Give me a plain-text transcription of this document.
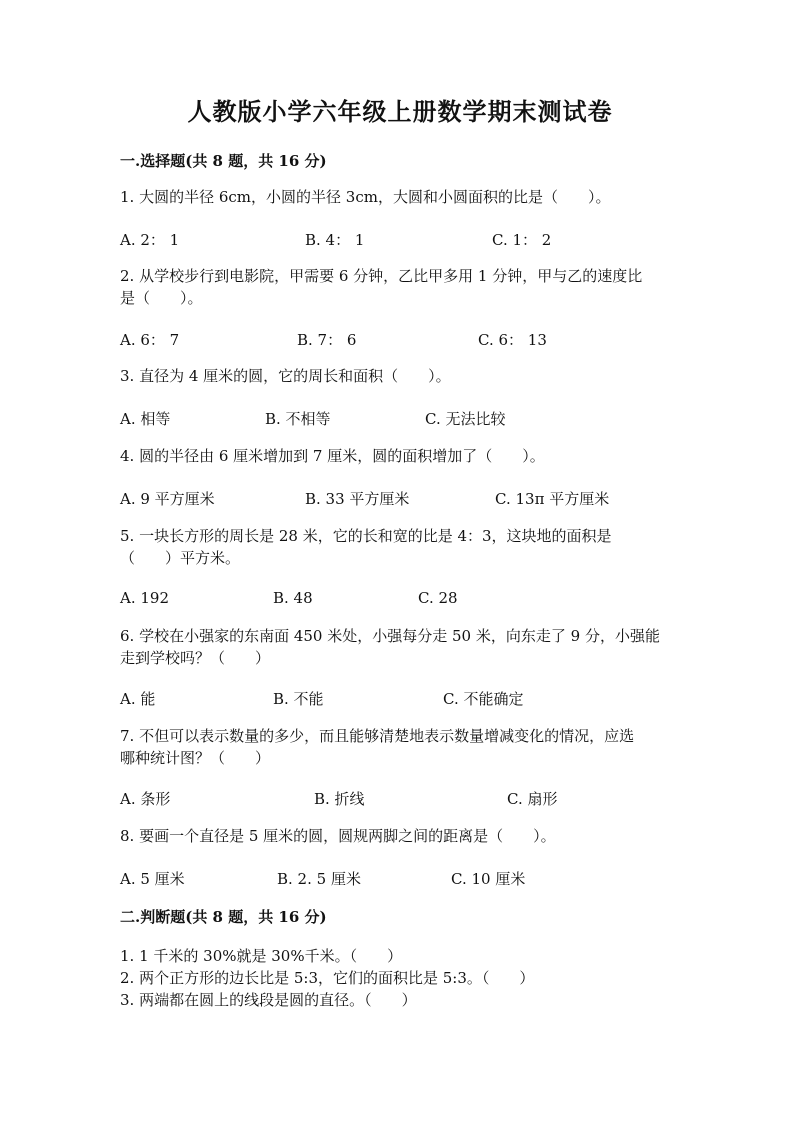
人教版小学六年级上册数学期末测试卷
一.选择题(共 8 题，共 16 分)
1. 大圆的半径 6cm，小圆的半径 3cm，大圆和小圆面积的比是（　　）。
A. 2： 1	B. 4： 1	C. 1： 2
2. 从学校步行到电影院，甲需要 6 分钟，乙比甲多用 1 分钟，甲与乙的速度比
是（　　）。
A. 6： 7	B. 7： 6	C. 6： 13
3. 直径为 4 厘米的圆，它的周长和面积（　　）。
A. 相等	B. 不相等	C. 无法比较
4. 圆的半径由 6 厘米增加到 7 厘米，圆的面积增加了（　　）。
A. 9 平方厘米	B. 33 平方厘米	C. 13π 平方厘米
5. 一块长方形的周长是 28 米，它的长和宽的比是 4：3，这块地的面积是
（　　）平方米。
A. 192	B. 48	C. 28
6. 学校在小强家的东南面 450 米处，小强每分走 50 米，向东走了 9 分，小强能
走到学校吗？（　　）
A. 能	B. 不能	C. 不能确定
7. 不但可以表示数量的多少，而且能够清楚地表示数量增减变化的情况，应选
哪种统计图？（　　）
A. 条形	B. 折线	C. 扇形
8. 要画一个直径是 5 厘米的圆，圆规两脚之间的距离是（　　）。
A. 5 厘米	B. 2. 5 厘米	C. 10 厘米
二.判断题(共 8 题，共 16 分)
1. 1 千米的 30%就是 30%千米。（　　）
2. 两个正方形的边长比是 5:3，它们的面积比是 5:3。（　　）
3. 两端都在圆上的线段是圆的直径。（　　）
